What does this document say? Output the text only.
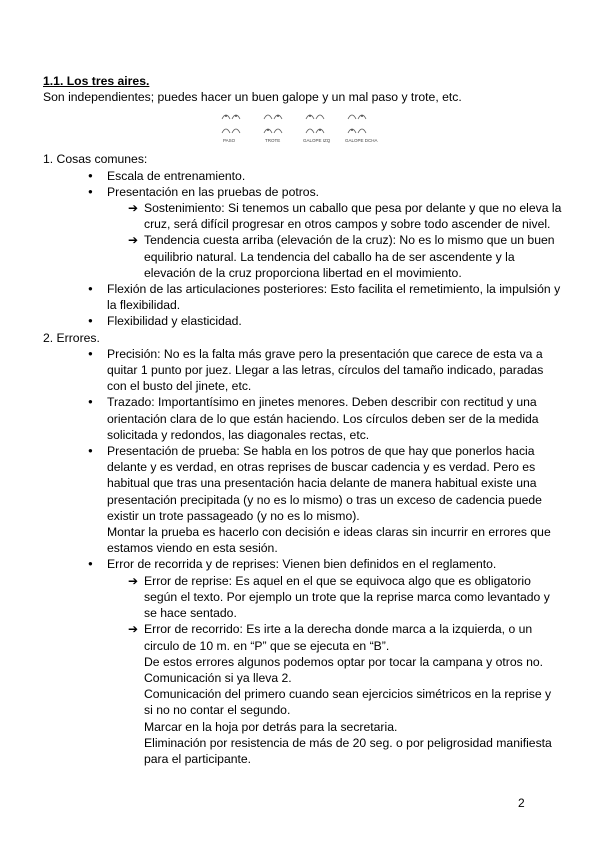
1.1. Los tres aires.

Son independientes; puedes hacer un buen galope y un mal paso y trote, etc.

PASO	TROTE	GALOPE IZQ	GALOPE DCHA

1. Cosas comunes:

● Escala de entrenamiento.
● Presentación en las pruebas de potros.
➔ Sostenimiento: Si tenemos un caballo que pesa por delante y que no eleva la cruz, será difícil progresar en otros campos y sobre todo ascender de nivel.
➔ Tendencia cuesta arriba (elevación de la cruz): No es lo mismo que un buen equilibrio natural. La tendencia del caballo ha de ser ascendente y la elevación de la cruz proporciona libertad en el movimiento.
● Flexión de las articulaciones posteriores: Esto facilita el remetimiento, la impulsión y la flexibilidad.
● Flexibilidad y elasticidad.

2. Errores.

● Precisión: No es la falta más grave pero la presentación que carece de esta va a quitar 1 punto por juez. Llegar a las letras, círculos del tamaño indicado, paradas con el busto del jinete, etc.
● Trazado: Importantísimo en jinetes menores. Deben describir con rectitud y una orientación clara de lo que están haciendo. Los círculos deben ser de la medida solicitada y redondos, las diagonales rectas, etc.
● Presentación de prueba: Se habla en los potros de que hay que ponerlos hacia delante y es verdad, en otras reprises de buscar cadencia y es verdad. Pero es habitual que tras una presentación hacia delante de manera habitual existe una presentación precipitada (y no es lo mismo) o tras un exceso de cadencia puede existir un trote passageado (y no es lo mismo).
Montar la prueba es hacerlo con decisión e ideas claras sin incurrir en errores que estamos viendo en esta sesión.
● Error de recorrida y de reprises: Vienen bien definidos en el reglamento.
➔ Error de reprise: Es aquel en el que se equivoca algo que es obligatorio según el texto. Por ejemplo un trote que la reprise marca como levantado y se hace sentado.
➔ Error de recorrido: Es irte a la derecha donde marca a la izquierda, o un circulo de 10 m. en “P” que se ejecuta en “B”.
De estos errores algunos podemos optar por tocar la campana y otros no. Comunicación si ya lleva 2.
Comunicación del primero cuando sean ejercicios simétricos en la reprise y si no no contar el segundo.
Marcar en la hoja por detrás para la secretaria.
Eliminación por resistencia de más de 20 seg. o por peligrosidad manifiesta para el participante.
2
